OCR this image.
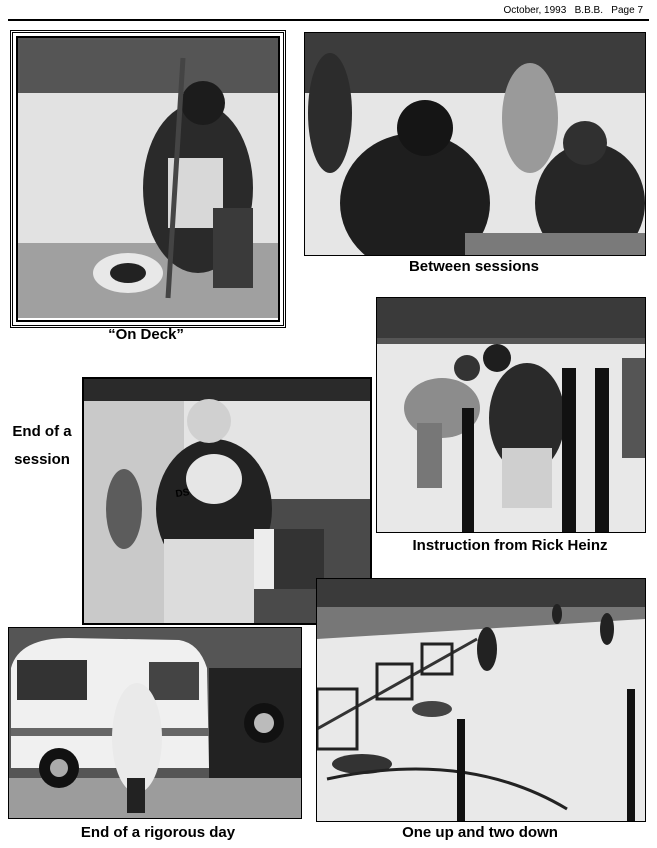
October, 1993   B.B.B.   Page 7
“On Deck”
Between sessions
Instruction from Rick Heinz
End of a
session
DS
End of a rigorous day	One up and two down
